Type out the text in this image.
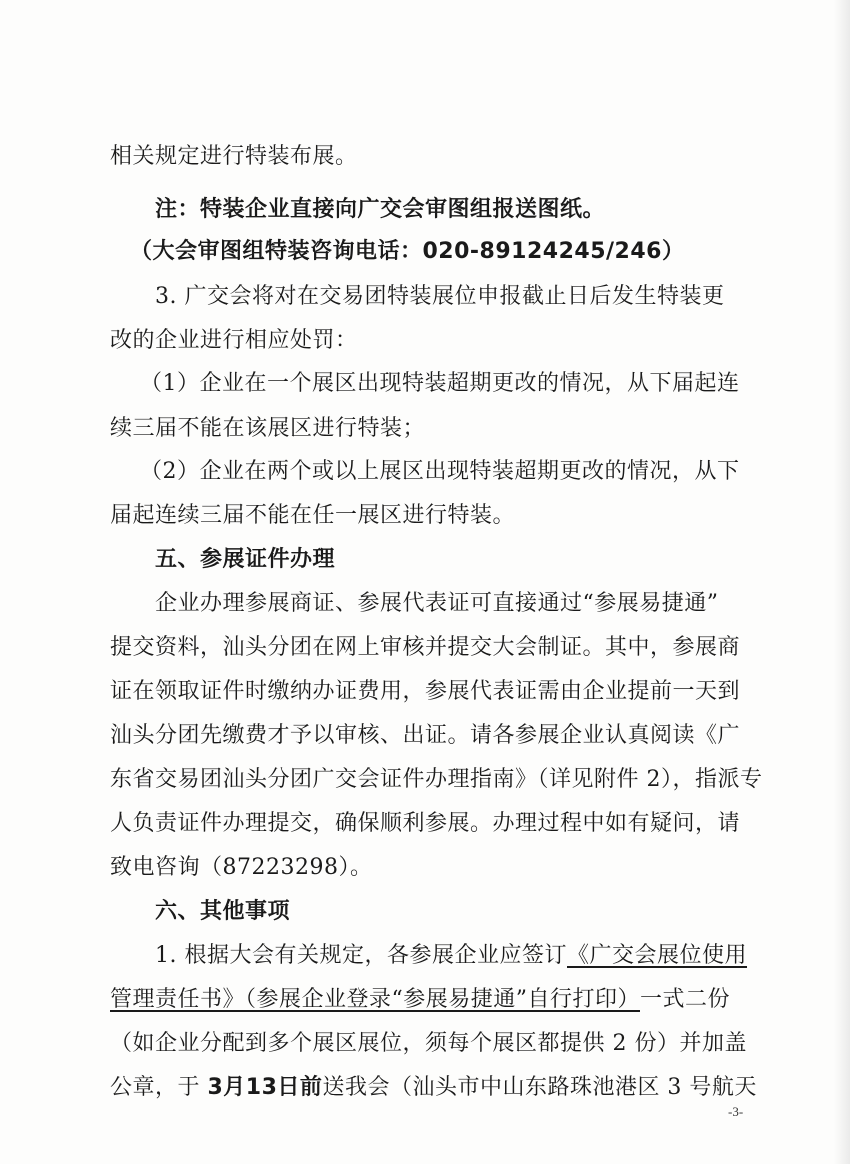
相关规定进行特装布展。
注：特装企业直接向广交会审图组报送图纸。
（大会审图组特装咨询电话：020-89124245/246）
3. 广交会将对在交易团特装展位申报截止日后发生特装更
改的企业进行相应处罚：
（1）企业在一个展区出现特装超期更改的情况，从下届起连
续三届不能在该展区进行特装；
（2）企业在两个或以上展区出现特装超期更改的情况，从下
届起连续三届不能在任一展区进行特装。
五、参展证件办理
企业办理参展商证、参展代表证可直接通过“参展易捷通”
提交资料，汕头分团在网上审核并提交大会制证。其中，参展商
证在领取证件时缴纳办证费用，参展代表证需由企业提前一天到
汕头分团先缴费才予以审核、出证。请各参展企业认真阅读《广
东省交易团汕头分团广交会证件办理指南》（详见附件 2），指派专
人负责证件办理提交，确保顺利参展。办理过程中如有疑问，请
致电咨询（87223298）。
六、其他事项
1. 根据大会有关规定，各参展企业应签订《广交会展位使用
管理责任书》（参展企业登录“参展易捷通”自行打印）一式二份
（如企业分配到多个展区展位，须每个展区都提供 2 份）并加盖
公章，于 3月13日前送我会（汕头市中山东路珠池港区 3 号航天
-3-
